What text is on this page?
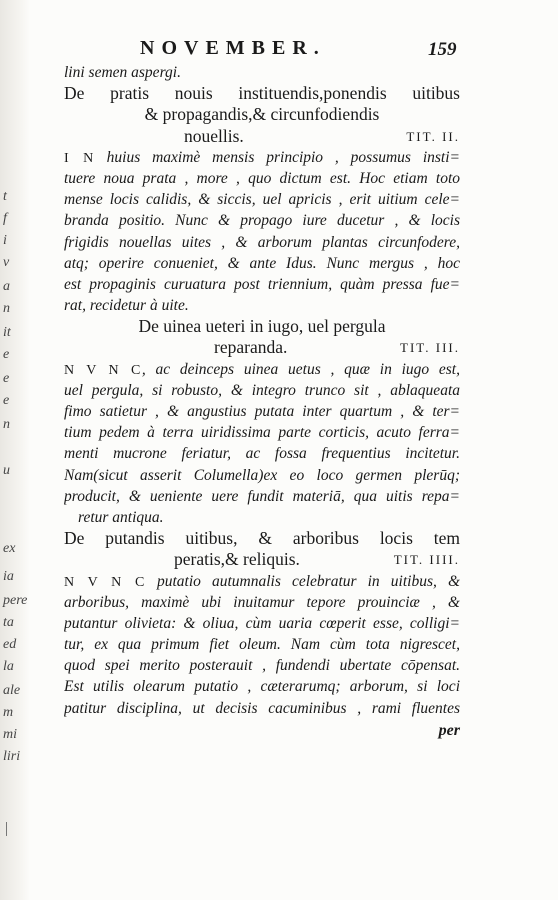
t
f
i
v
a
n
it
e
e
e
n
u
ex
ia
pere
ta
ed
la
ale
m
mi
liri
NOVEMBER.	159
lini semen aspergi.
De pratis nouis instituendis,ponendis uitibus
& propagandis,& circunfodiendis
nouellis.	TIT. II.
I N huius maximè mensis principio , possumus insti=
tuere noua prata , more , quo dictum est. Hoc etiam toto
mense locis calidis, & siccis, uel apricis , erit uitium cele=
branda positio. Nunc & propago iure ducetur , & locis
frigidis nouellas uites , & arborum plantas circunfodere,
atq; operire conueniet, & ante Idus. Nunc mergus , hoc
est propaginis curuatura post triennium, quàm pressa fue=
rat, recidetur à uite.
De uinea ueteri in iugo, uel pergula
reparanda.	TIT. III.
N V N C, ac deinceps uinea uetus , quæ in iugo est,
uel pergula, si robusto, & integro trunco sit , ablaqueata
fimo satietur , & angustius putata inter quartum , & ter=
tium pedem à terra uiridissima parte corticis, acuto ferra=
menti mucrone feriatur, ac fossa frequentius incitetur.
Nam(sicut asserit Columella)ex eo loco germen plerūq;
producit, & ueniente uere fundit materiā, qua uitis repa=
retur antiqua.
De putandis uitibus, & arboribus locis tem
peratis,& reliquis.	TIT. IIII.
N V N C putatio autumnalis celebratur in uitibus, &
arboribus, maximè ubi inuitamur tepore prouinciæ , &
putantur olivieta: & oliua, cùm uaria cœperit esse, colligi=
tur, ex qua primum fiet oleum. Nam cùm tota nigrescet,
quod spei merito posterauit , fundendi ubertate cōpensat.
Est utilis olearum putatio , cæterarumq; arborum, si loci
patitur disciplina, ut decisis cacuminibus , rami fluentes
per
